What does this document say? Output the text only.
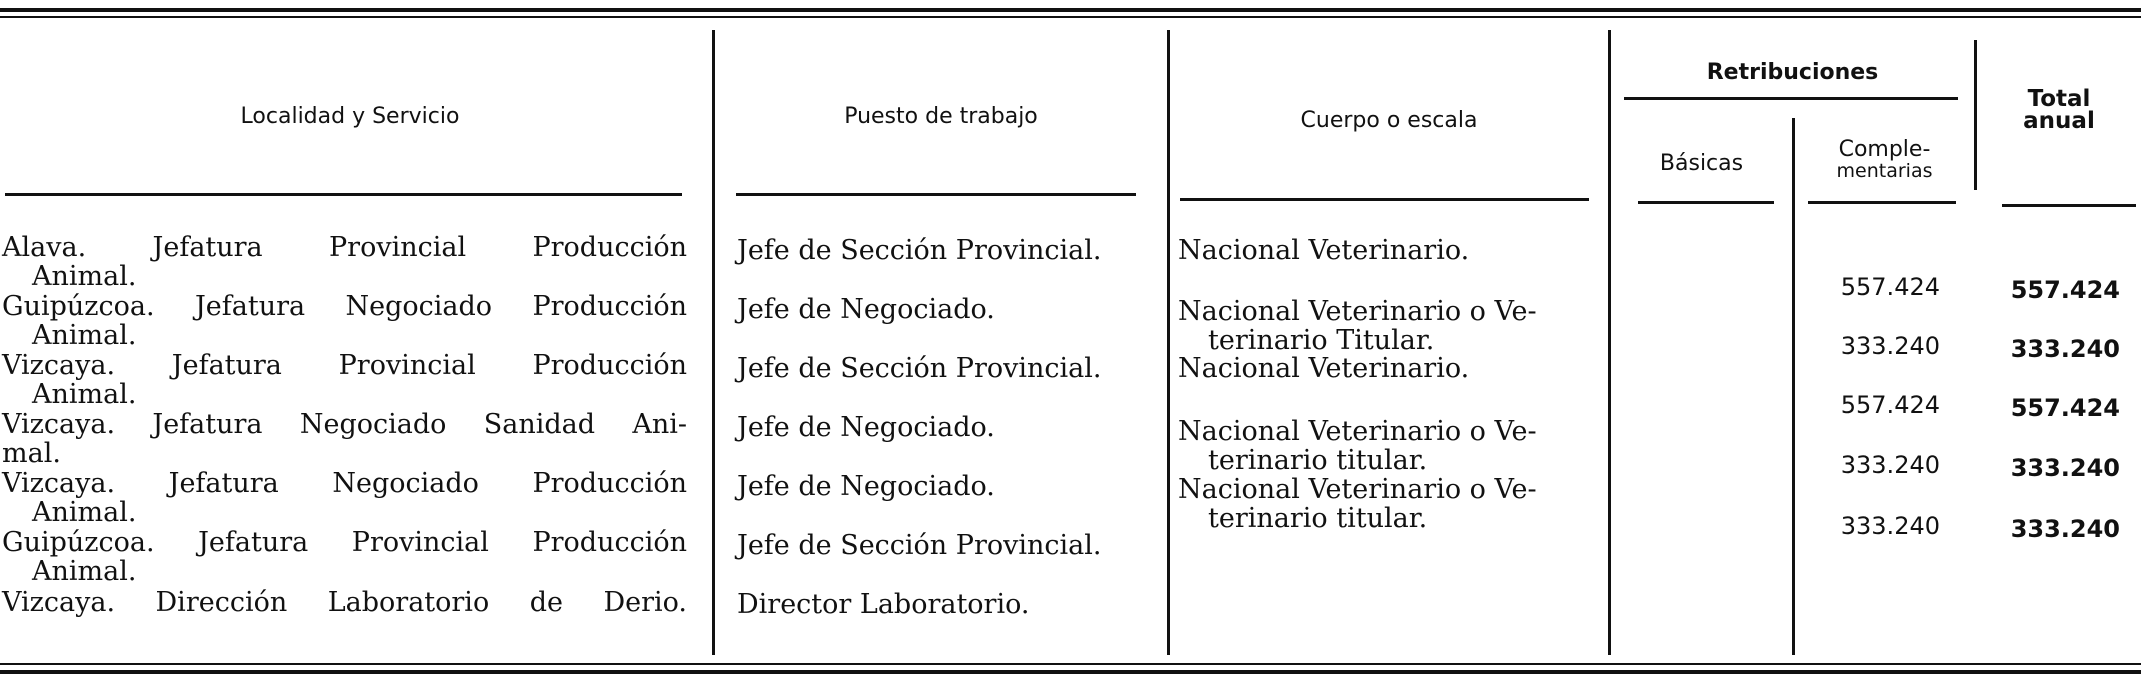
Localidad y Servicio	Puesto de trabajo	Cuerpo o escala
Retribuciones
Básicas
Comple-
mentarias
Total
anual
Alava. Jefatura Provincial Producción
Animal.
Guipúzcoa. Jefatura Negociado Producción
Animal.
Vizcaya. Jefatura Provincial Producción
Animal.
Vizcaya. Jefatura Negociado Sanidad Ani-
mal.
Vizcaya. Jefatura Negociado Producción
Animal.
Guipúzcoa. Jefatura Provincial Producción
Animal.
Vizcaya. Dirección Laboratorio de Derio.
Jefe de Sección Provincial.
Jefe de Negociado.
Jefe de Sección Provincial.
Jefe de Negociado.
Jefe de Negociado.
Jefe de Sección Provincial.
Director Laboratorio.
Nacional Veterinario.
Nacional Veterinario o Ve-
terinario Titular.
Nacional Veterinario.
Nacional Veterinario o Ve-
terinario titular.
Nacional Veterinario o Ve-
terinario titular.
557.424
333.240
557.424
333.240
333.240
557.424
333.240
557.424
333.240
333.240
